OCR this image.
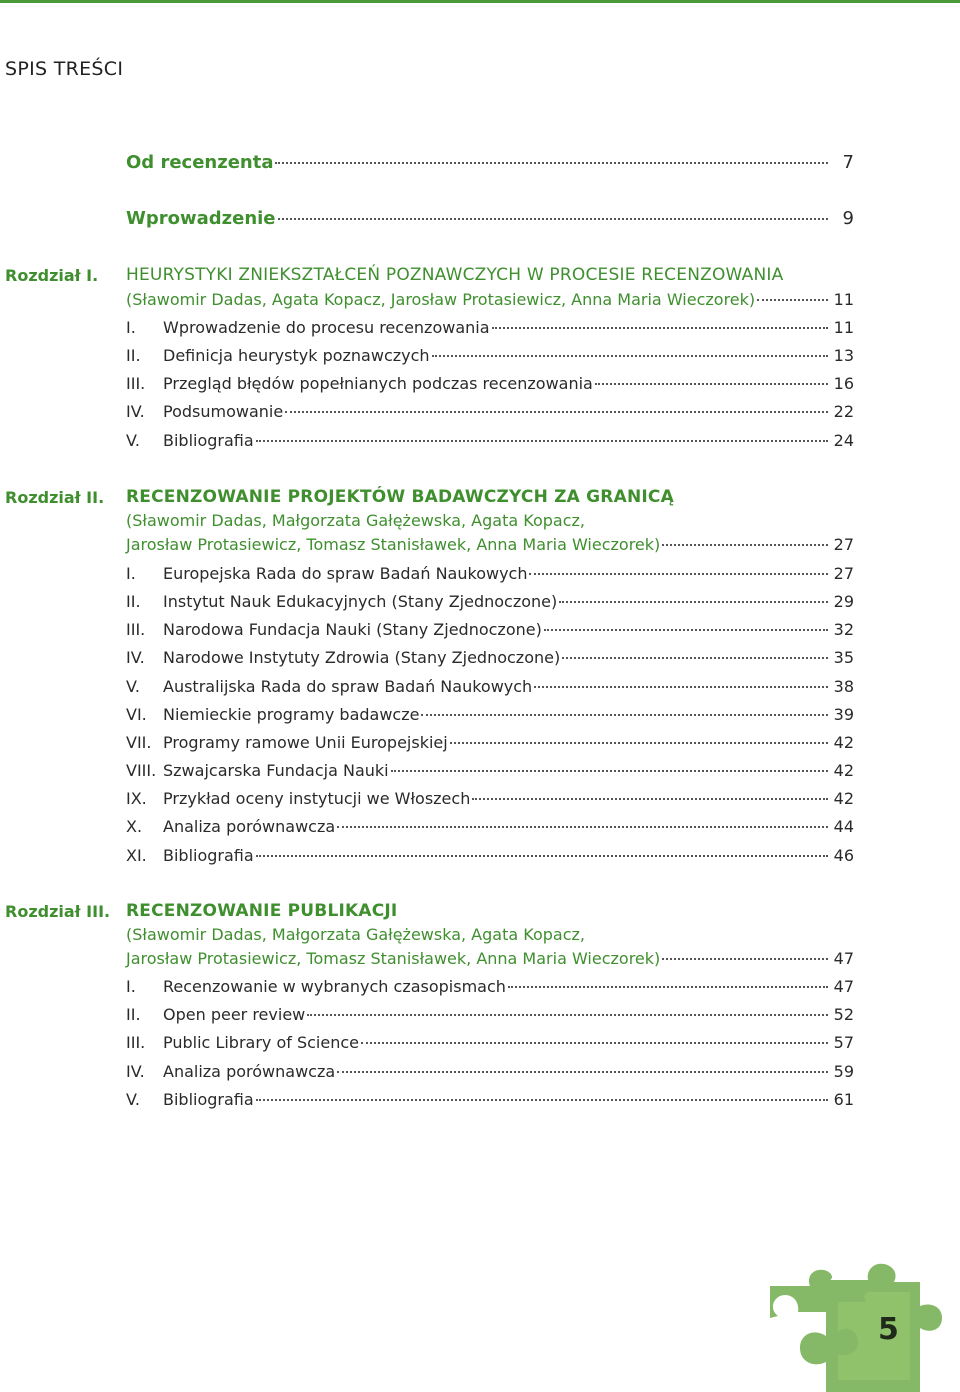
SPIS TREŚCI
Od recenzenta	7
Wprowadzenie	9
Rozdział I. HEURYSTYKI ZNIEKSZTAŁCEŃ POZNAWCZYCH W PROCESIE RECENZOWANIA
(Sławomir Dadas, Agata Kopacz, Jarosław Protasiewicz, Anna Maria Wieczorek)	11
I.	Wprowadzenie do procesu recenzowania	11
II.	Definicja heurystyk poznawczych	13
III.	Przegląd błędów popełnianych podczas recenzowania	16
IV.	Podsumowanie	22
V.	Bibliografia	24
Rozdział II. RECENZOWANIE PROJEKTÓW BADAWCZYCH ZA GRANICĄ
(Sławomir Dadas, Małgorzata Gałężewska, Agata Kopacz,
Jarosław Protasiewicz, Tomasz Stanisławek, Anna Maria Wieczorek)	27
I.	Europejska Rada do spraw Badań Naukowych	27
II.	Instytut Nauk Edukacyjnych (Stany Zjednoczone)	29
III.	Narodowa Fundacja Nauki (Stany Zjednoczone)	32
IV.	Narodowe Instytuty Zdrowia (Stany Zjednoczone)	35
V.	Australijska Rada do spraw Badań Naukowych	38
VI.	Niemieckie programy badawcze	39
VII. Programy ramowe Unii Europejskiej	42
VIII. Szwajcarska Fundacja Nauki	42
IX.	Przykład oceny instytucji we Włoszech	42
X.	Analiza porównawcza	44
XI.	Bibliografia	46
Rozdział III. RECENZOWANIE PUBLIKACJI
(Sławomir Dadas, Małgorzata Gałężewska, Agata Kopacz,
Jarosław Protasiewicz, Tomasz Stanisławek, Anna Maria Wieczorek)	47
I.	Recenzowanie w wybranych czasopismach	47
II.	Open peer review	52
III.	Public Library of Science	57
IV.	Analiza porównawcza	59
V.	Bibliografia	61
5
